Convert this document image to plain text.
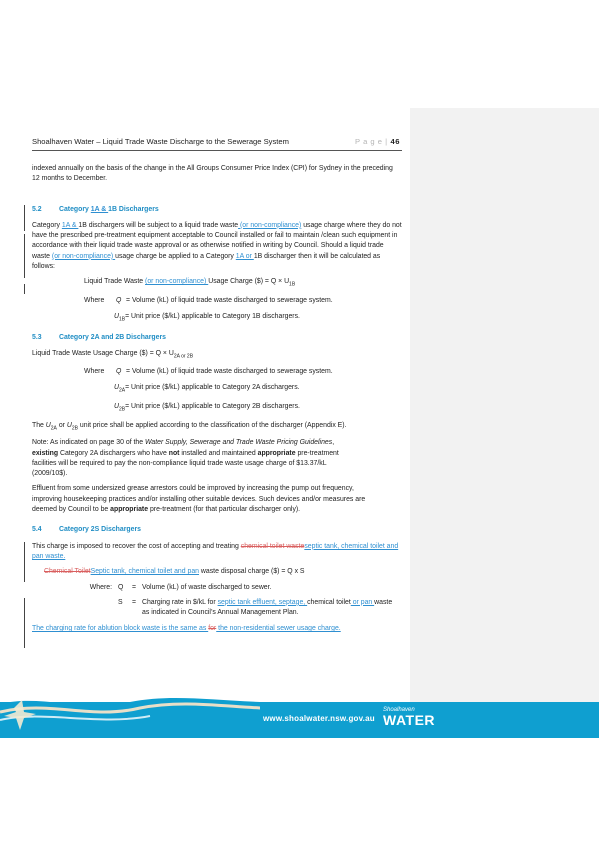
Shoalhaven Water – Liquid Trade Waste Discharge to the Sewerage System	P a g e | 46

indexed annually on the basis of the change in the All Groups Consumer Price Index (CPI) for Sydney in the preceding 12 months to December.

5.2	Category 1A & 1B Dischargers

Category 1A & 1B dischargers will be subject to a liquid trade waste (or non-compliance) usage charge where they do not have the prescribed pre-treatment equipment acceptable to Council installed or fail to maintain /clean such equipment in accordance with their liquid trade waste approval or as otherwise notified in writing by Council. Should a liquid trade waste (or non-compliance) usage charge be applied to a Category 1A or 1B discharger then it will be calculated as follows:

Liquid Trade Waste (or non-compliance) Usage Charge ($) = $Q \times U_{1B}$

Where	Q = Volume (kL) of liquid trade waste discharged to sewerage system.
$U_{1B}$ = Unit price ($/kL) applicable to Category 1B dischargers.
5.3	Category 2A and 2B Dischargers

Liquid Trade Waste Usage Charge ($) = $Q \times U_{2A or 2B}$

Where	Q = Volume (kL) of liquid trade waste discharged to sewerage system.
$U_{2A}$ = Unit price ($/kL) applicable to Category 2A dischargers.
$U_{2B}$ = Unit price ($/kL) applicable to Category 2B dischargers.

The $U_{2A}$ or $U_{2B}$ unit price shall be applied according to the classification of the discharger (Appendix E).

Note: As indicated on page 30 of the Water Supply, Sewerage and Trade Waste Pricing Guidelines, existing Category 2A dischargers who have not installed and maintained appropriate pre-treatment facilities will be required to pay the non-compliance liquid trade waste usage charge of $13.37/kL (2009/10$).

Effluent from some undersized grease arrestors could be improved by increasing the pump out frequency, improving housekeeping practices and/or installing other suitable devices. Such devices and/or measures are deemed by Council to be appropriate pre-treatment (for that particular discharger only).

5.4	Category 2S Dischargers

This charge is imposed to recover the cost of accepting and treating chemical toilet wasteseptic tank, chemical toilet and pan waste.

Chemical ToiletSeptic tank, chemical toilet and pan waste disposal charge ($) = Q x S

Where: Q	= Volume (kL) of waste discharged to sewer.
S	= Charging rate in $/kL for septic tank effluent, septage, chemical toilet or pan waste as indicated in Council’s Annual Management Plan.

The charging rate for ablution block waste is the same as for the non-residential sewer usage charge.

www.shoalwater.nsw.gov.au
Shoalhaven
WATER
